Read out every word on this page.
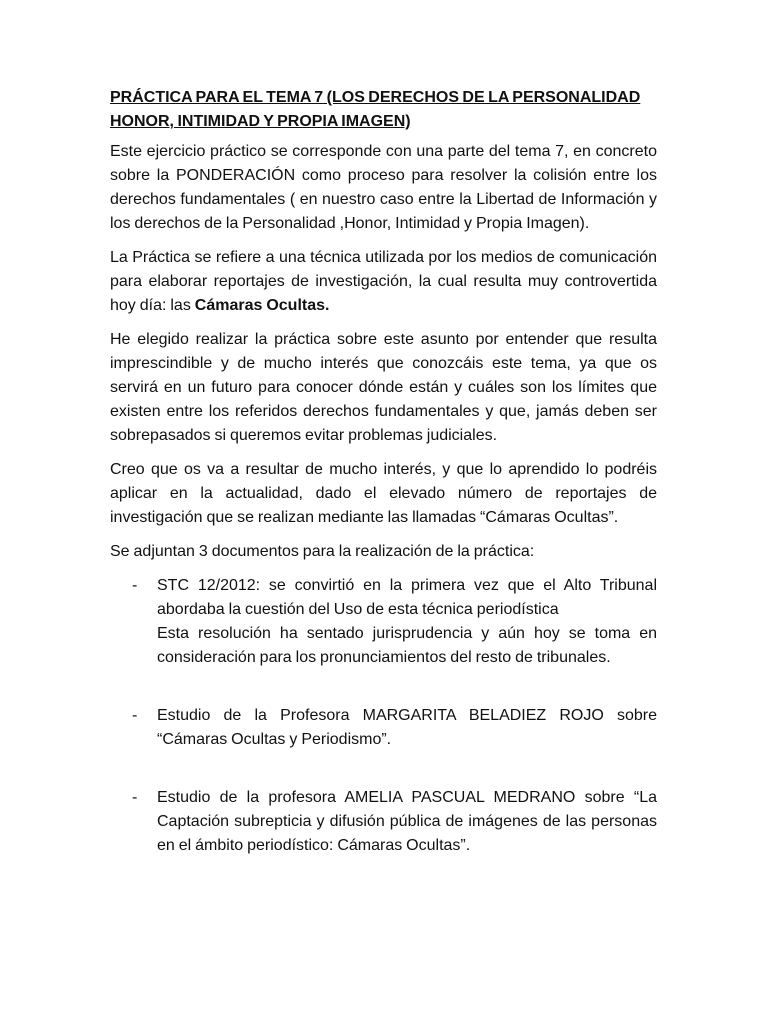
PRÁCTICA PARA EL TEMA 7 (LOS DERECHOS DE LA PERSONALIDAD
HONOR, INTIMIDAD Y PROPIA IMAGEN)

Este ejercicio práctico se corresponde con una parte del tema 7, en concreto sobre la PONDERACIÓN como proceso para resolver la colisión entre los derechos fundamentales ( en nuestro caso entre la Libertad de Información y los derechos de la Personalidad ,Honor, Intimidad y Propia Imagen).

La Práctica se refiere a una técnica utilizada por los medios de comunicación para elaborar reportajes de investigación, la cual resulta muy controvertida hoy día: las Cámaras Ocultas.

He elegido realizar la práctica sobre este asunto por entender que resulta imprescindible y de mucho interés que conozcáis este tema, ya que os servirá en un futuro para conocer dónde están y cuáles son los límites que existen entre los referidos derechos fundamentales y que, jamás deben ser sobrepasados si queremos evitar problemas judiciales.

Creo que os va a resultar de mucho interés, y que lo aprendido lo podréis aplicar en la actualidad, dado el elevado número de reportajes de investigación que se realizan mediante las llamadas “Cámaras Ocultas”.

Se adjuntan 3 documentos para la realización de la práctica:

- STC 12/2012: se convirtió en la primera vez que el Alto Tribunal abordaba la cuestión del Uso de esta técnica periodística
Esta resolución ha sentado jurisprudencia y aún hoy se toma en consideración para los pronunciamientos del resto de tribunales.
- Estudio de la Profesora MARGARITA BELADIEZ ROJO sobre “Cámaras Ocultas y Periodismo”.
- Estudio de la profesora AMELIA PASCUAL MEDRANO sobre “La Captación subrepticia y difusión pública de imágenes de las personas en el ámbito periodístico: Cámaras Ocultas”.
